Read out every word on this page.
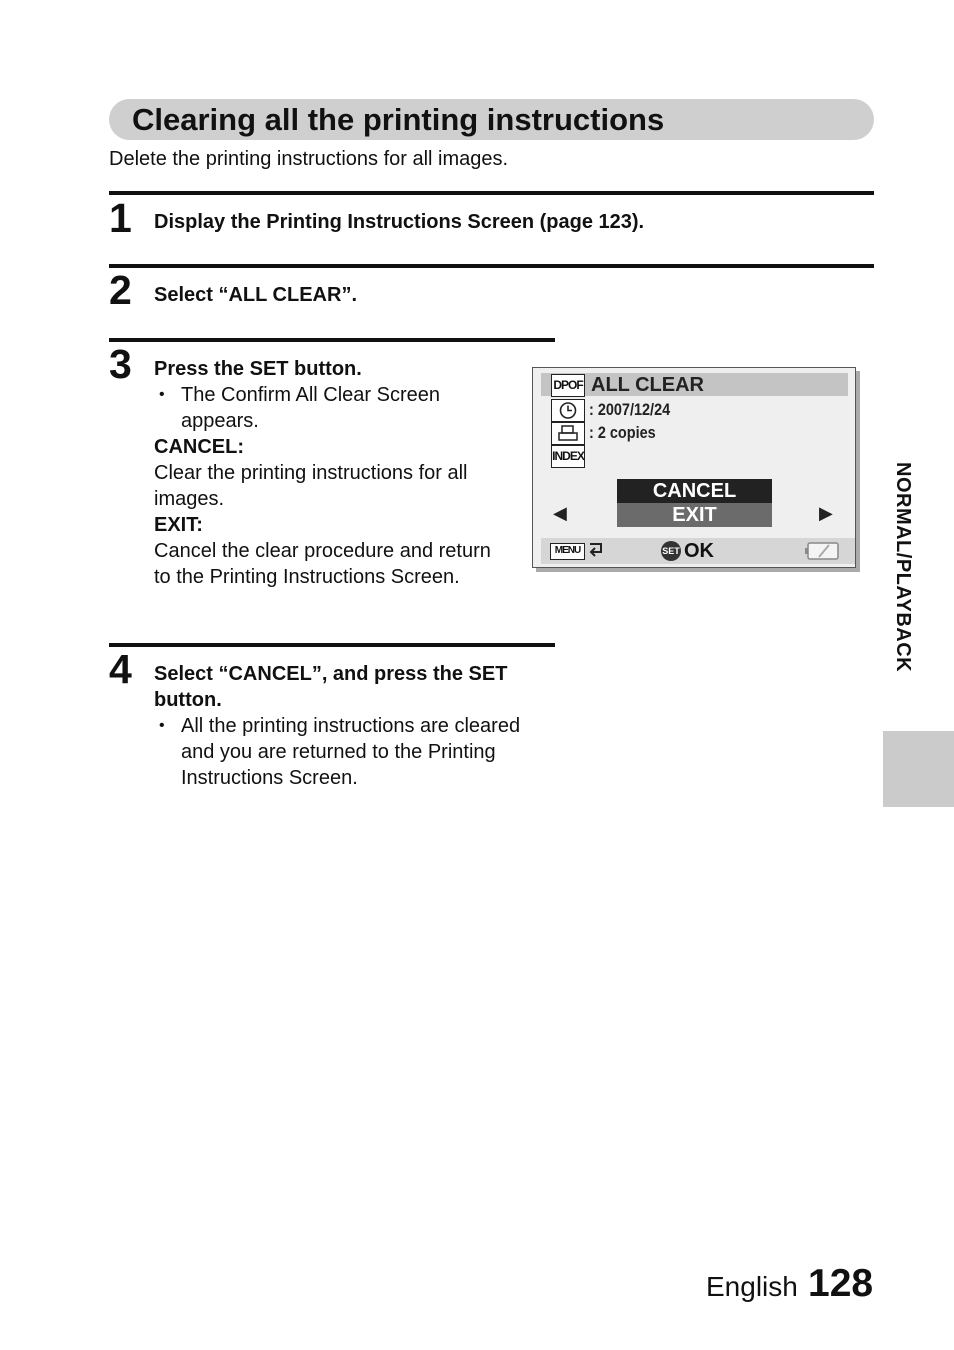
Clearing all the printing instructions
Delete the printing instructions for all images.
1 Display the Printing Instructions Screen (page 123).
2 Select “ALL CLEAR”.
3 Press the SET button.
• The Confirm All Clear Screen appears.
CANCEL:
Clear the printing instructions for all images.
EXIT:
Cancel the clear procedure and return to the Printing Instructions Screen.
DPOF ALL CLEAR
: 2007/12/24
: 2 copies
INDEX
CANCEL
EXIT
◀	▶
MENU	SET OK
4 Select “CANCEL”, and press the SET
button.
• All the printing instructions are cleared and you are returned to the Printing Instructions Screen.
NORMAL/PLAYBACK
English 128
